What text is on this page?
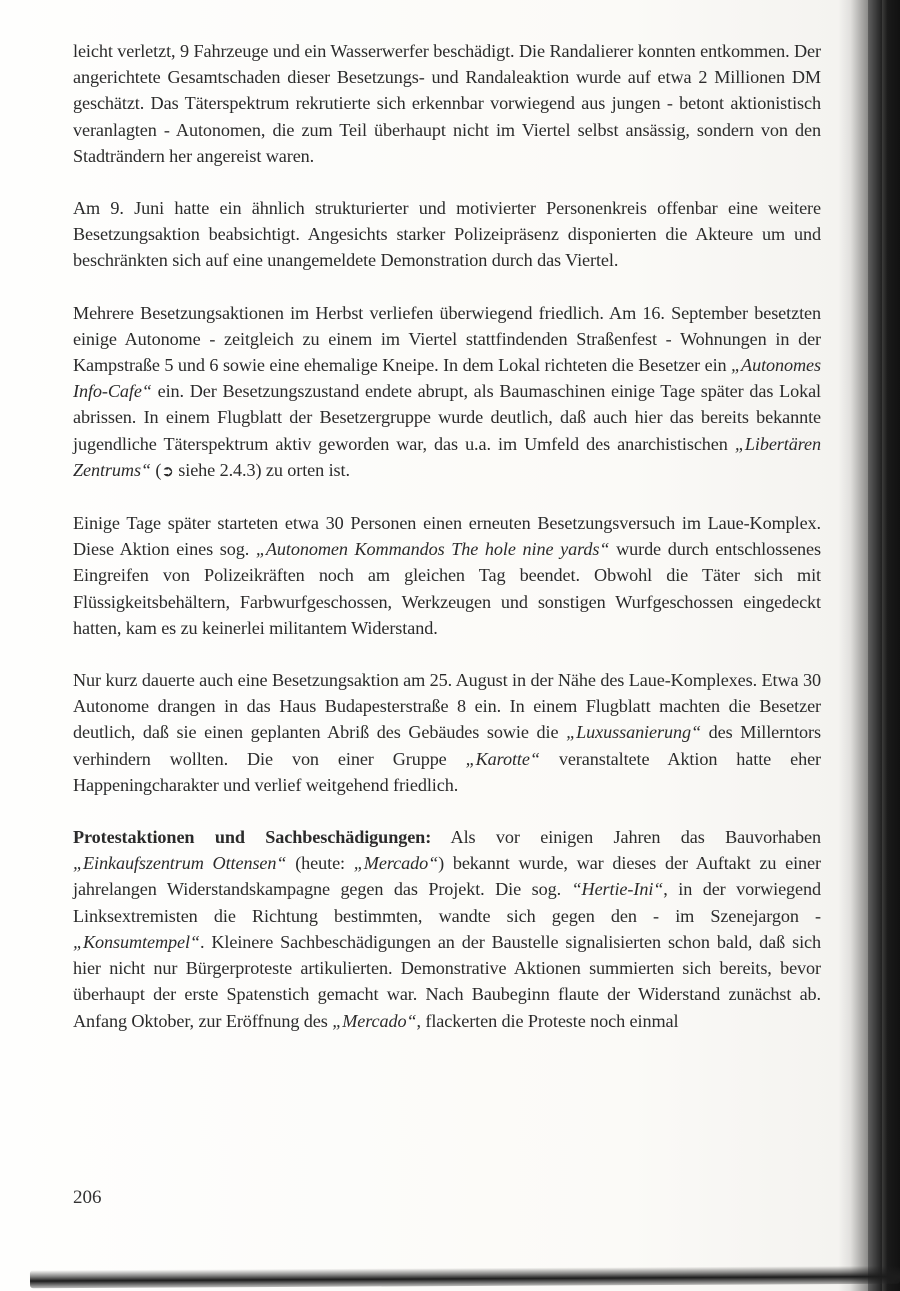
leicht verletzt, 9 Fahrzeuge und ein Wasserwerfer beschädigt. Die Randalierer konnten entkommen. Der angerichtete Gesamtschaden dieser Besetzungs- und Randaleaktion wurde auf etwa 2 Millionen DM geschätzt. Das Täterspektrum rekrutierte sich erkennbar vorwiegend aus jungen - betont aktionistisch veranlagten - Autonomen, die zum Teil überhaupt nicht im Viertel selbst ansässig, sondern von den Stadträndern her angereist waren.

Am 9. Juni hatte ein ähnlich strukturierter und motivierter Personenkreis offenbar eine weitere Besetzungsaktion beabsichtigt. Angesichts starker Polizeipräsenz disponierten die Akteure um und beschränkten sich auf eine unangemeldete Demonstration durch das Viertel.

Mehrere Besetzungsaktionen im Herbst verliefen überwiegend friedlich. Am 16. September besetzten einige Autonome - zeitgleich zu einem im Viertel stattfindenden Straßenfest - Wohnungen in der Kampstraße 5 und 6 sowie eine ehemalige Kneipe. In dem Lokal richteten die Besetzer ein „Autonomes Info-Cafe“ ein. Der Besetzungszustand endete abrupt, als Baumaschinen einige Tage später das Lokal abrissen. In einem Flugblatt der Besetzergruppe wurde deutlich, daß auch hier das bereits bekannte jugendliche Täterspektrum aktiv geworden war, das u.a. im Umfeld des anarchistischen „Libertären Zentrums“ (➲ siehe 2.4.3) zu orten ist.

Einige Tage später starteten etwa 30 Personen einen erneuten Besetzungsversuch im Laue-Komplex. Diese Aktion eines sog. „Autonomen Kommandos The hole nine yards“ wurde durch entschlossenes Eingreifen von Polizeikräften noch am gleichen Tag beendet. Obwohl die Täter sich mit Flüssigkeitsbehältern, Farbwurfgeschossen, Werkzeugen und sonstigen Wurfgeschossen eingedeckt hatten, kam es zu keinerlei militantem Widerstand.

Nur kurz dauerte auch eine Besetzungsaktion am 25. August in der Nähe des Laue-Komplexes. Etwa 30 Autonome drangen in das Haus Budapesterstraße 8 ein. In einem Flugblatt machten die Besetzer deutlich, daß sie einen geplanten Abriß des Gebäudes sowie die „Luxussanierung“ des Millerntors verhindern wollten. Die von einer Gruppe „Karotte“ veranstaltete Aktion hatte eher Happeningcharakter und verlief weitgehend friedlich.

Protestaktionen und Sachbeschädigungen: Als vor einigen Jahren das Bauvorhaben „Einkaufszentrum Ottensen“ (heute: „Mercado“) bekannt wurde, war dieses der Auftakt zu einer jahrelangen Widerstandskampagne gegen das Projekt. Die sog. “Hertie-Ini“, in der vorwiegend Linksextremisten die Richtung bestimmten, wandte sich gegen den - im Szenejargon - „Konsumtempel“. Kleinere Sachbeschädigungen an der Baustelle signalisierten schon bald, daß sich hier nicht nur Bürgerproteste artikulierten. Demonstrative Aktionen summierten sich bereits, bevor überhaupt der erste Spatenstich gemacht war. Nach Baubeginn flaute der Widerstand zunächst ab. Anfang Oktober, zur Eröffnung des „Mercado“, flackerten die Proteste noch einmal

206
